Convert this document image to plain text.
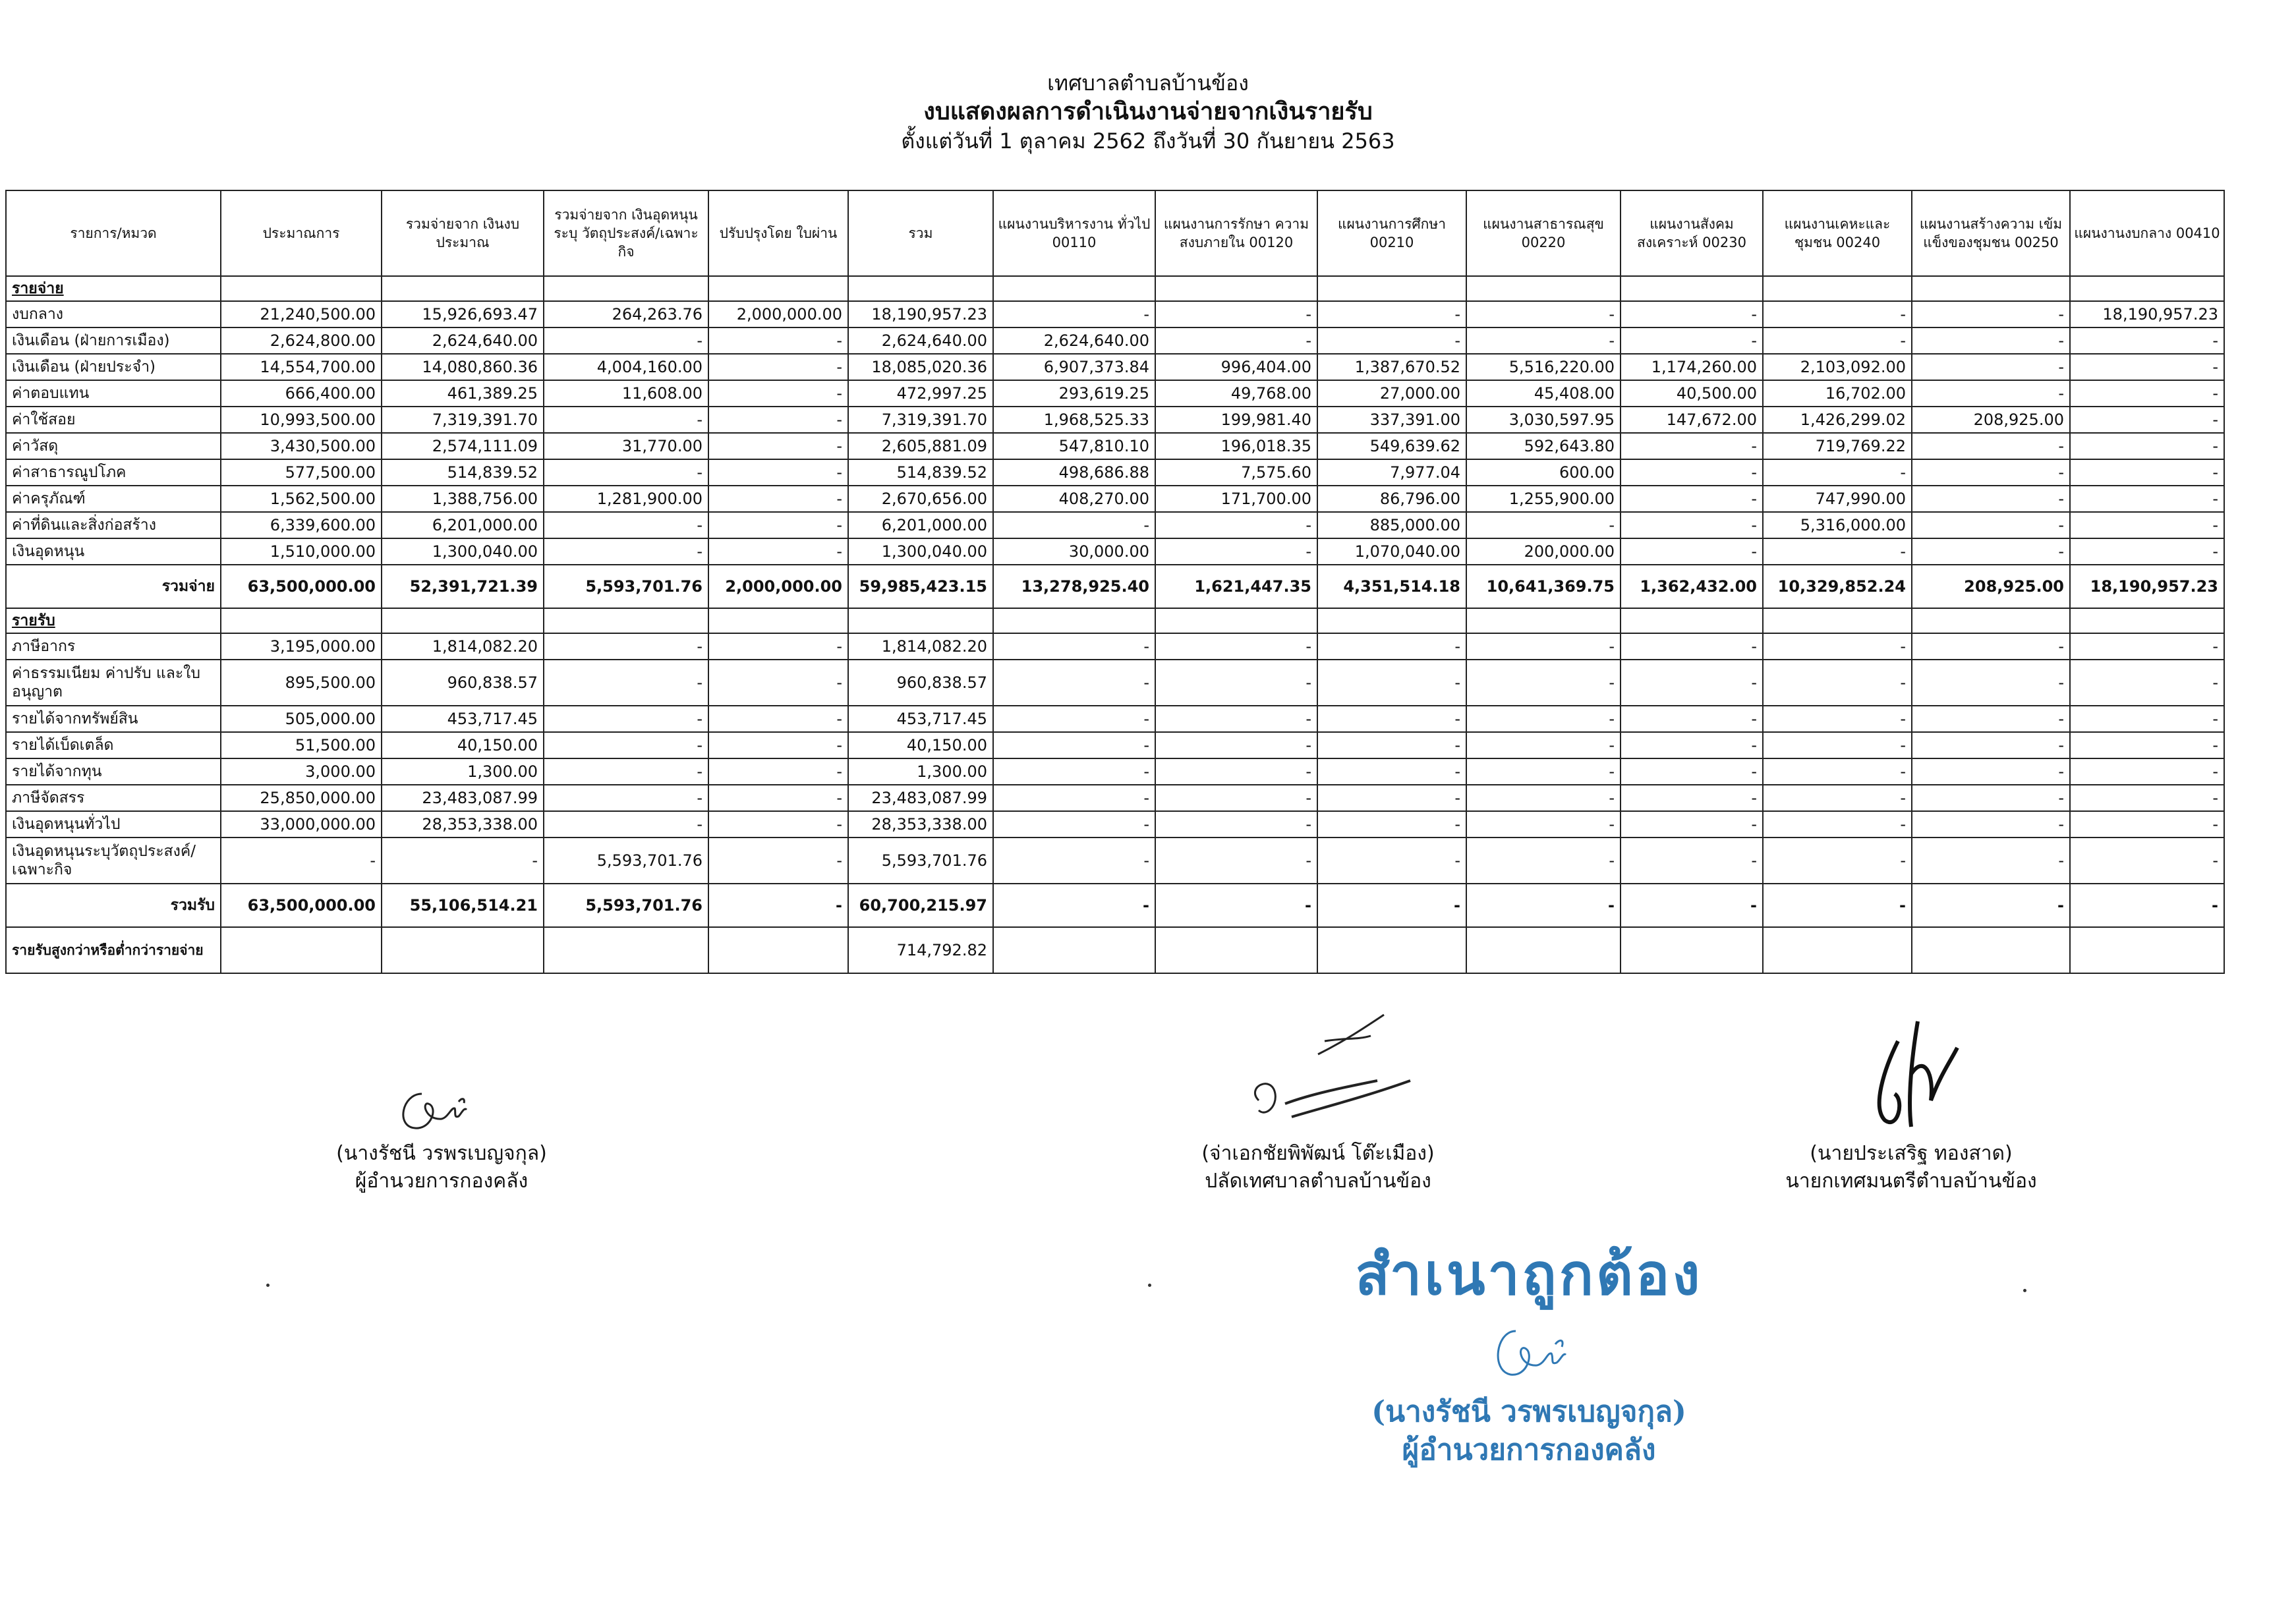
เทศบาลตำบลบ้านข้อง
งบแสดงผลการดำเนินงานจ่ายจากเงินรายรับ
ตั้งแต่วันที่ 1 ตุลาคม 2562 ถึงวันที่ 30 กันยายน 2563
รายการ/หมวด	ประมาณการ	รวมจ่ายจาก เงินงบประมาณ	รวมจ่ายจาก เงินอุดหนุนระบุ วัตถุประสงค์/เฉพาะกิจ	ปรับปรุงโดย ใบผ่าน	รวม	แผนงานบริหารงาน ทั่วไป 00110	แผนงานการรักษา ความสงบภายใน 00120	แผนงานการศึกษา 00210	แผนงานสาธารณสุข 00220	แผนงานสังคม สงเคราะห์ 00230	แผนงานเคหะและ ชุมชน 00240	แผนงานสร้างความ เข้มแข็งของชุมชน 00250	แผนงานงบกลาง 00410
รายจ่าย													
งบกลาง	21,240,500.00	15,926,693.47	264,263.76	2,000,000.00	18,190,957.23	-	-	-	-	-	-	-	18,190,957.23
เงินเดือน (ฝ่ายการเมือง)	2,624,800.00	2,624,640.00	-	-	2,624,640.00	2,624,640.00	-	-	-	-	-	-	-
เงินเดือน (ฝ่ายประจำ)	14,554,700.00	14,080,860.36	4,004,160.00	-	18,085,020.36	6,907,373.84	996,404.00	1,387,670.52	5,516,220.00	1,174,260.00	2,103,092.00	-	-
ค่าตอบแทน	666,400.00	461,389.25	11,608.00	-	472,997.25	293,619.25	49,768.00	27,000.00	45,408.00	40,500.00	16,702.00	-	-
ค่าใช้สอย	10,993,500.00	7,319,391.70	-	-	7,319,391.70	1,968,525.33	199,981.40	337,391.00	3,030,597.95	147,672.00	1,426,299.02	208,925.00	-
ค่าวัสดุ	3,430,500.00	2,574,111.09	31,770.00	-	2,605,881.09	547,810.10	196,018.35	549,639.62	592,643.80	-	719,769.22	-	-
ค่าสาธารณูปโภค	577,500.00	514,839.52	-	-	514,839.52	498,686.88	7,575.60	7,977.04	600.00	-	-	-	-
ค่าครุภัณฑ์	1,562,500.00	1,388,756.00	1,281,900.00	-	2,670,656.00	408,270.00	171,700.00	86,796.00	1,255,900.00	-	747,990.00	-	-
ค่าที่ดินและสิ่งก่อสร้าง	6,339,600.00	6,201,000.00	-	-	6,201,000.00	-	-	885,000.00	-	-	5,316,000.00	-	-
เงินอุดหนุน	1,510,000.00	1,300,040.00	-	-	1,300,040.00	30,000.00	-	1,070,040.00	200,000.00	-	-	-	-
รวมจ่าย	63,500,000.00	52,391,721.39	5,593,701.76	2,000,000.00	59,985,423.15	13,278,925.40	1,621,447.35	4,351,514.18	10,641,369.75	1,362,432.00	10,329,852.24	208,925.00	18,190,957.23
รายรับ													
ภาษีอากร	3,195,000.00	1,814,082.20	-	-	1,814,082.20	-	-	-	-	-	-	-	-
ค่าธรรมเนียม ค่าปรับ และใบอนุญาต	895,500.00	960,838.57	-	-	960,838.57	-	-	-	-	-	-	-	-
รายได้จากทรัพย์สิน	505,000.00	453,717.45	-	-	453,717.45	-	-	-	-	-	-	-	-
รายได้เบ็ดเตล็ด	51,500.00	40,150.00	-	-	40,150.00	-	-	-	-	-	-	-	-
รายได้จากทุน	3,000.00	1,300.00	-	-	1,300.00	-	-	-	-	-	-	-	-
ภาษีจัดสรร	25,850,000.00	23,483,087.99	-	-	23,483,087.99	-	-	-	-	-	-	-	-
เงินอุดหนุนทั่วไป	33,000,000.00	28,353,338.00	-	-	28,353,338.00	-	-	-	-	-	-	-	-
เงินอุดหนุนระบุวัตถุประสงค์/เฉพาะกิจ	-	-	5,593,701.76	-	5,593,701.76	-	-	-	-	-	-	-	-
รวมรับ	63,500,000.00	55,106,514.21	5,593,701.76	-	60,700,215.97	-	-	-	-	-	-	-	-
รายรับสูงกว่าหรือต่ำกว่ารายจ่าย					714,792.82								
(นางรัชนี วรพรเบญจกุล)
ผู้อำนวยการกองคลัง
(จ่าเอกชัยพิพัฒน์ โต๊ะเมือง)
ปลัดเทศบาลตำบลบ้านข้อง
(นายประเสริฐ ทองสาด)
นายกเทศมนตรีตำบลบ้านข้อง
สำเนาถูกต้อง
(นางรัชนี วรพรเบญจกุล)
ผู้อำนวยการกองคลัง
